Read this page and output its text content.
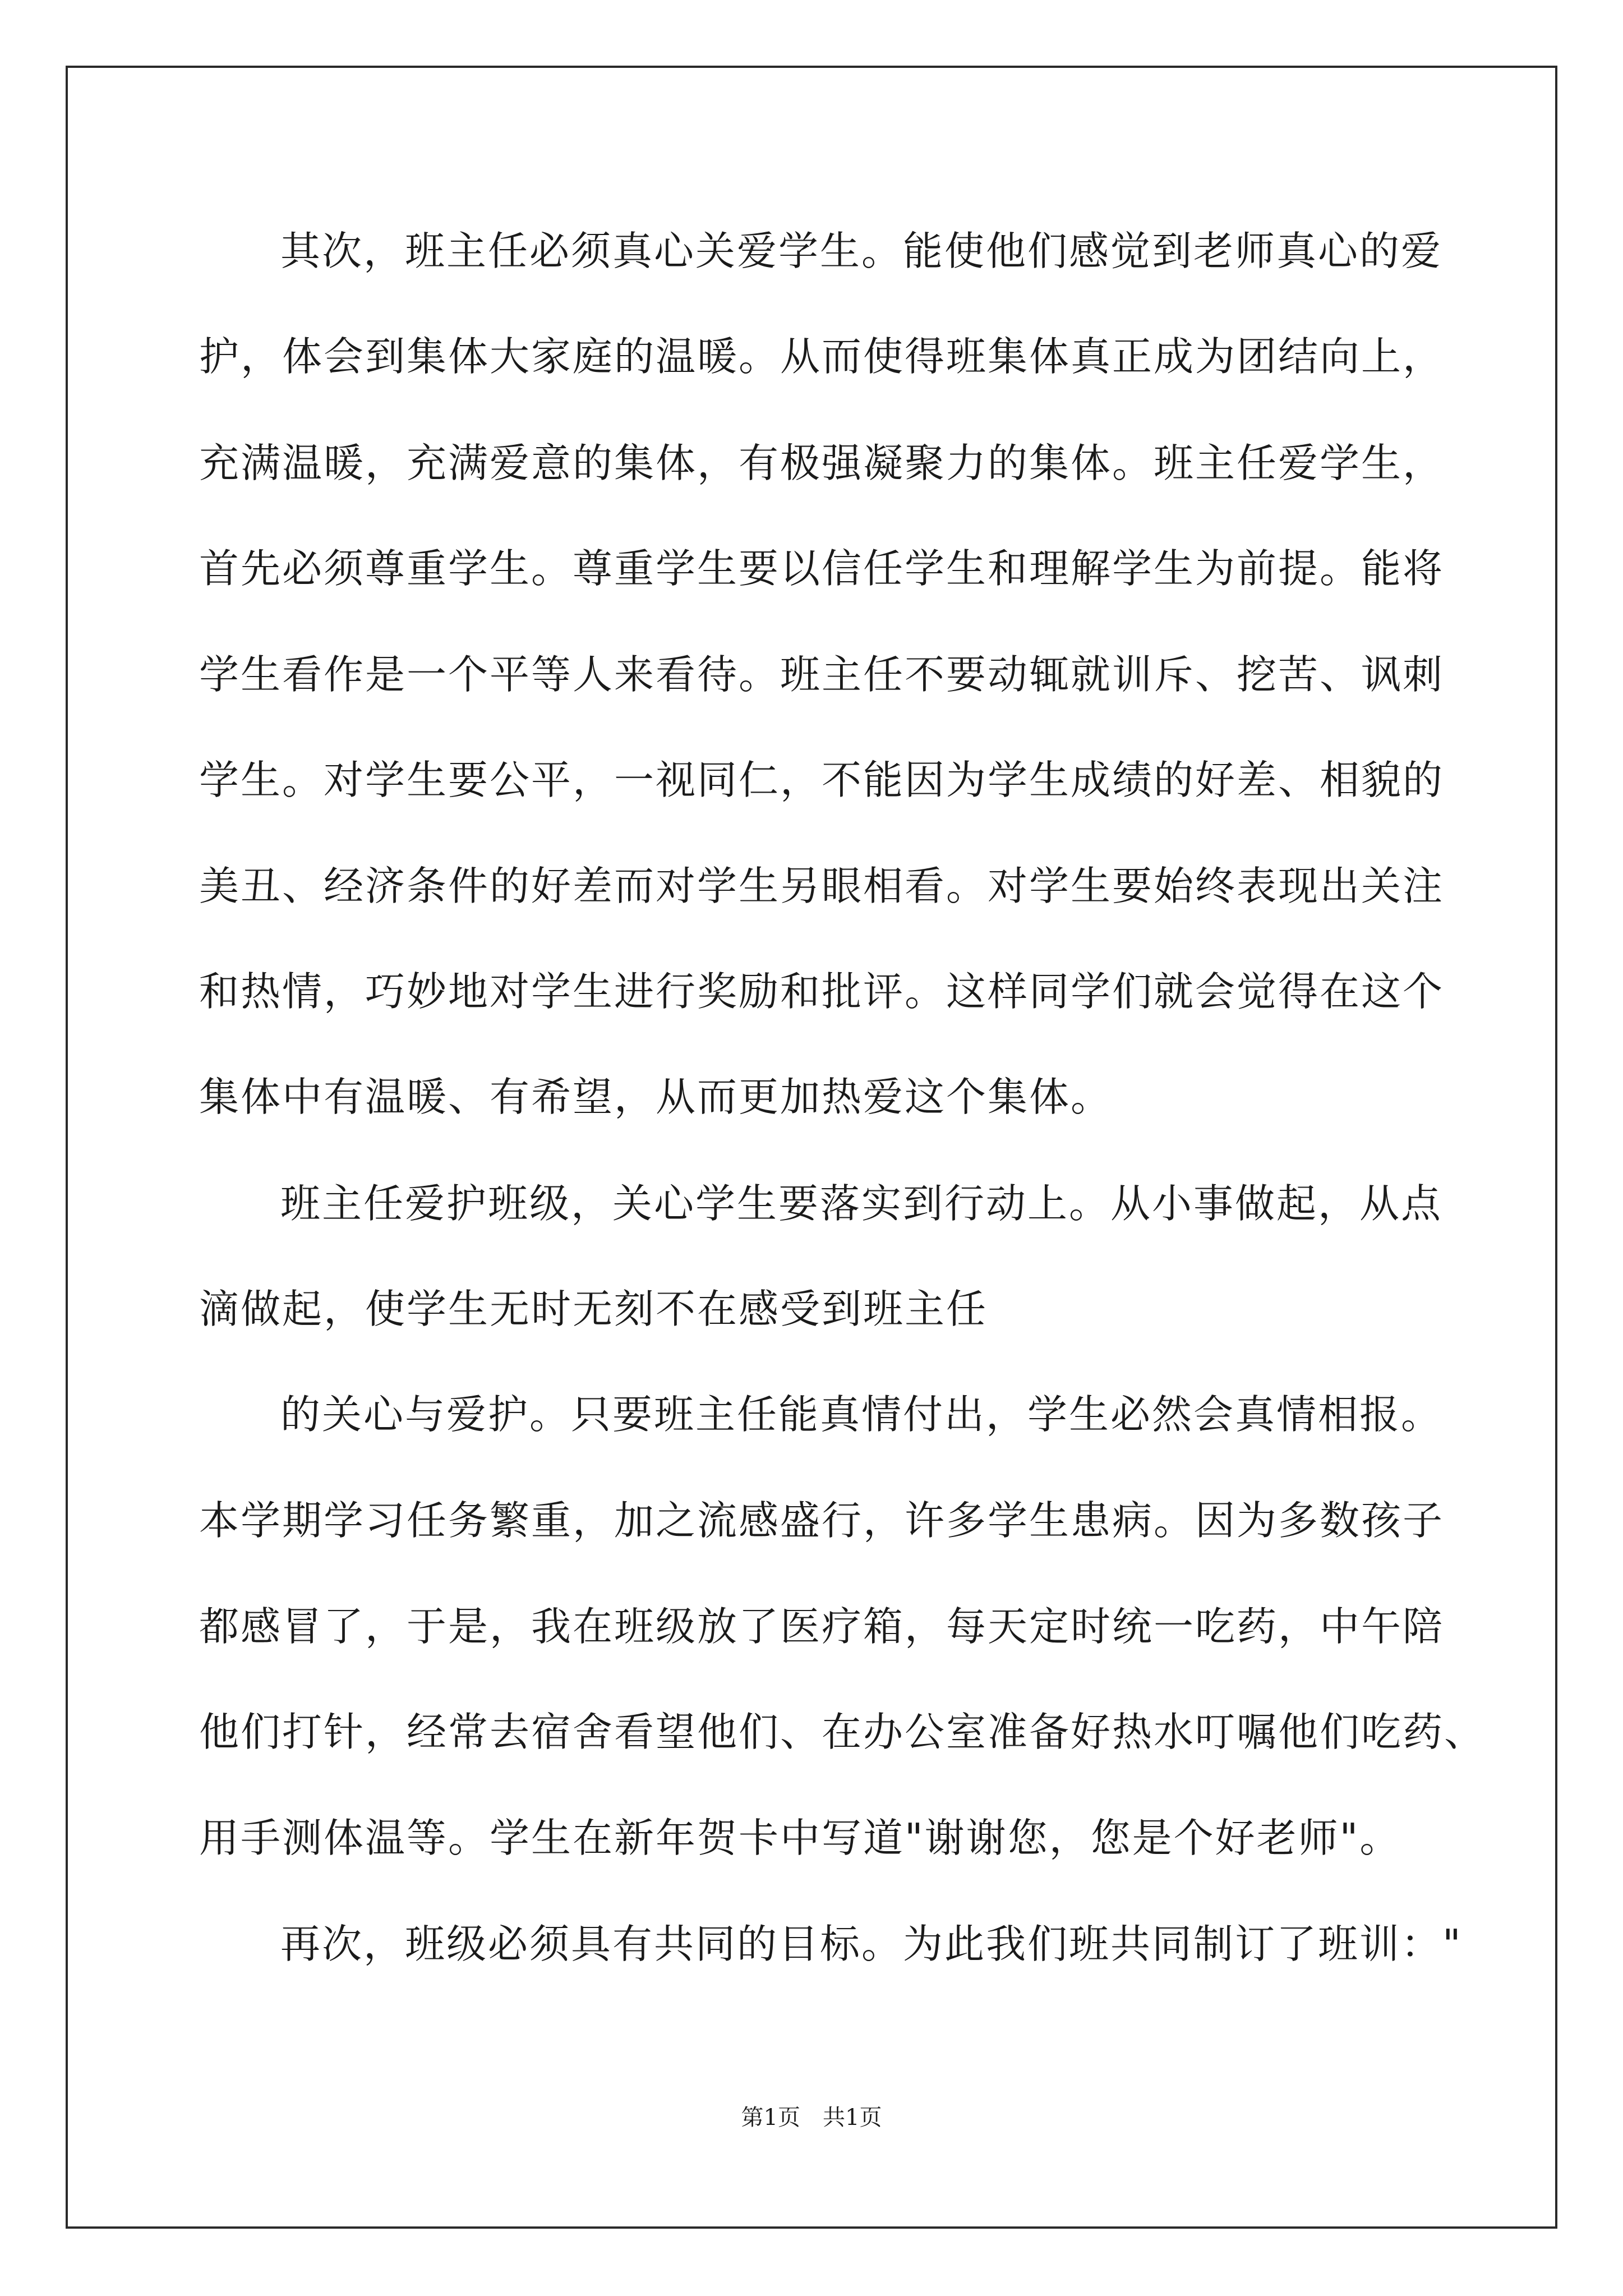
其次，班主任必须真心关爱学生。能使他们感觉到老师真心的爱
护，体会到集体大家庭的温暖。从而使得班集体真正成为团结向上，
充满温暖，充满爱意的集体，有极强凝聚力的集体。班主任爱学生，
首先必须尊重学生。尊重学生要以信任学生和理解学生为前提。能将
学生看作是一个平等人来看待。班主任不要动辄就训斥、挖苦、讽刺
学生。对学生要公平，一视同仁，不能因为学生成绩的好差、相貌的
美丑、经济条件的好差而对学生另眼相看。对学生要始终表现出关注
和热情，巧妙地对学生进行奖励和批评。这样同学们就会觉得在这个
集体中有温暖、有希望，从而更加热爱这个集体。
班主任爱护班级，关心学生要落实到行动上。从小事做起，从点
滴做起，使学生无时无刻不在感受到班主任
的关心与爱护。只要班主任能真情付出，学生必然会真情相报。
本学期学习任务繁重，加之流感盛行，许多学生患病。因为多数孩子
都感冒了，于是，我在班级放了医疗箱，每天定时统一吃药，中午陪
他们打针，经常去宿舍看望他们、在办公室准备好热水叮嘱他们吃药、
用手测体温等。学生在新年贺卡中写道"谢谢您，您是个好老师"。
再次，班级必须具有共同的目标。为此我们班共同制订了班训："
第1页　共1页
